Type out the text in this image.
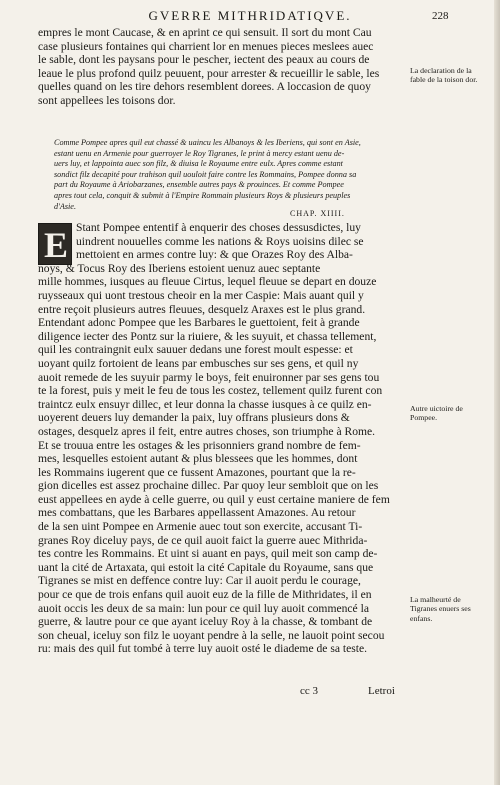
GVERRE MITHRIDATIQVE.	228
empres le mont Caucase, & en aprint ce qui sensuit. Il sort du mont Cau
case plusieurs fontaines qui charrient lor en menues pieces meslees auec
le sable, dont les paysans pour le pescher, iectent des peaux au cours de
leaue le plus profond quilz peuuent, pour arrester & recueillir le sable, les
quelles quand on les tire dehors resemblent dorees. A loccasion de quoy
sont appellees les toisons dor.
Comme Pompee apres quil eut chassé & uaincu les Albanoys & les Iberiens, qui sont en Asie,
estant uenu en Armenie pour guerroyer le Roy Tigranes, le print à mercy estant uenu de-
uers luy, et lappointa auec son filz, & diuisa le Royaume entre eulx. Apres comme estant
sondict filz decapité pour trahison quil uouloit faire contre les Rommains, Pompee donna sa
part du Royaume à Ariobarzanes, ensemble autres pays & prouinces. Et comme Pompee
apres tout cela, conquit & submit à l'Empire Rommain plusieurs Roys & plusieurs peuples
d'Asie.
CHAP. XIIII.
E Stant Pompee ententif à enquerir des choses dessusdictes, luy
uindrent nouuelles comme les nations & Roys uoisins dilec se
mettoient en armes contre luy: & que Orazes Roy des Alba-
noys, & Tocus Roy des Iberiens estoient uenuz auec septante
mille hommes, iusques au fleuue Cirtus, lequel fleuue se depart en douze
ruysseaux qui uont trestous cheoir en la mer Caspie: Mais auant quil y
entre reçoit plusieurs autres fleuues, desquelz Araxes est le plus grand.
Entendant adonc Pompee que les Barbares le guettoient, feit à grande
diligence iecter des Pontz sur la riuiere, & les suyuit, et chassa tellement,
quil les contraingnit eulx sauuer dedans une forest moult espesse: et
uoyant quilz fortoient de leans par embusches sur ses gens, et quil ny
auoit remede de les suyuir parmy le boys, feit enuironner par ses gens tou
te la forest, puis y meit le feu de tous les costez, tellement quilz furent con
traintcz eulx ensuyr dillec, et leur donna la chasse iusques à ce quilz en-
uoyerent deuers luy demander la paix, luy offrans plusieurs dons &
ostages, desquelz apres il feit, entre autres choses, son triumphe à Rome.
Et se trouua entre les ostages & les prisonniers grand nombre de fem-
mes, lesquelles estoient autant & plus blessees que les hommes, dont
les Rommains iugerent que ce fussent Amazones, pourtant que la re-
gion dicelles est assez prochaine dillec. Par quoy leur sembloit que on les
eust appellees en ayde à celle guerre, ou quil y eust certaine maniere de fem
mes combattans, que les Barbares appellassent Amazones. Au retour
de la sen uint Pompee en Armenie auec tout son exercite, accusant Ti-
granes Roy diceluy pays, de ce quil auoit faict la guerre auec Mithrida-
tes contre les Rommains. Et uint si auant en pays, quil meit son camp de-
uant la cité de Artaxata, qui estoit la cité Capitale du Royaume, sans que
Tigranes se mist en deffence contre luy: Car il auoit perdu le courage,
pour ce que de trois enfans quil auoit euz de la fille de Mithridates, il en
auoit occis les deux de sa main: lun pour ce quil luy auoit commencé la
guerre, & lautre pour ce que ayant iceluy Roy à la chasse, & tombant de
son cheual, iceluy son filz le uoyant pendre à la selle, ne lauoit point secou
ru: mais des quil fut tombé à terre luy auoit osté le diademe de sa teste.
La declaration de la fable de la toison dor.
Autre uictoire de Pompee.
La malheurté de Tigranes enuers ses enfans.
cc 3	Letroi
